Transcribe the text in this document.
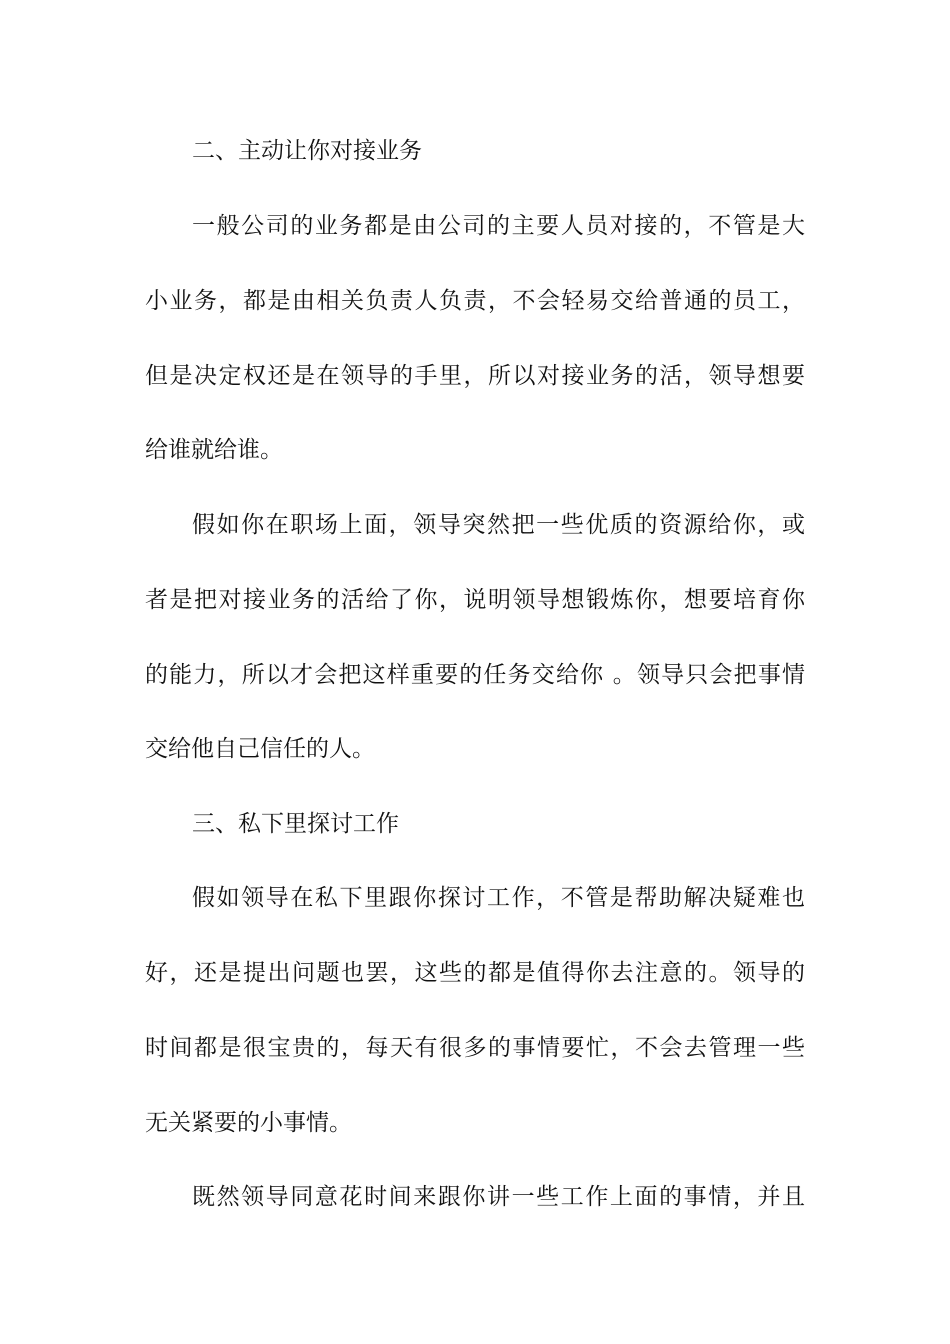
二、主动让你对接业务
一般公司的业务都是由公司的主要人员对接的，不管是大
小业务，都是由相关负责人负责，不会轻易交给普通的员工，
但是决定权还是在领导的手里，所以对接业务的活，领导想要
给谁就给谁。
假如你在职场上面，领导突然把一些优质的资源给你，或
者是把对接业务的活给了你，说明领导想锻炼你，想要培育你
的能力，所以才会把这样重要的任务交给你 。领导只会把事情
交给他自己信任的人。
三、私下里探讨工作
假如领导在私下里跟你探讨工作，不管是帮助解决疑难也
好，还是提出问题也罢，这些的都是值得你去注意的。领导的
时间都是很宝贵的，每天有很多的事情要忙，不会去管理一些
无关紧要的小事情。
既然领导同意花时间来跟你讲一些工作上面的事情，并且
